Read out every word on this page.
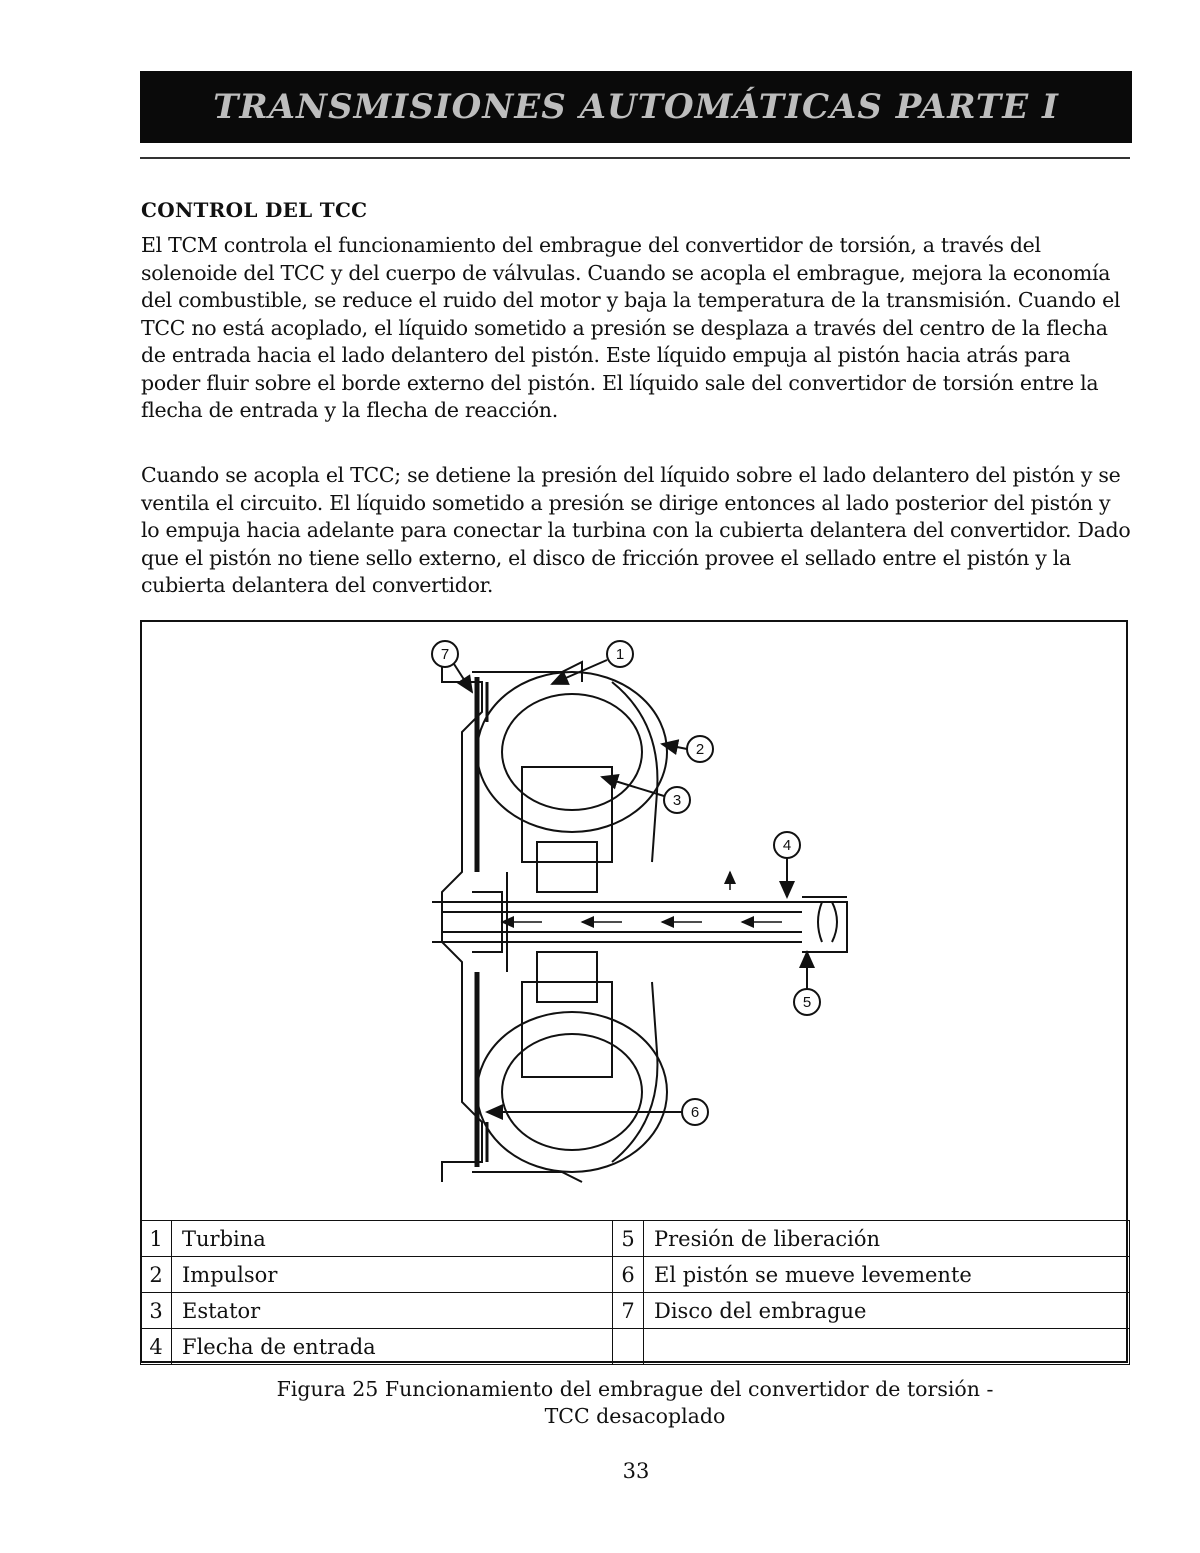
TRANSMISIONES AUTOMÁTICAS PARTE I
CONTROL DEL TCC

El TCM controla el funcionamiento del embrague del convertidor de torsión, a través del solenoide del TCC y del cuerpo de válvulas. Cuando se acopla el embrague, mejora la economía del combustible, se reduce el ruido del motor y baja la temperatura de la transmisión. Cuando el TCC no está acoplado, el líquido sometido a presión se desplaza a través del centro de la flecha de entrada hacia el lado delantero del pistón. Este líquido empuja al pistón hacia atrás para poder fluir sobre el borde externo del pistón. El líquido sale del convertidor de torsión entre la flecha de entrada y la flecha de reacción.

Cuando se acopla el TCC; se detiene la presión del líquido sobre el lado delantero del pistón y se ventila el circuito. El líquido sometido a presión se dirige entonces al lado posterior del pistón y lo empuja hacia adelante para conectar la turbina con la cubierta delantera del convertidor. Dado que el pistón no tiene sello externo, el disco de fricción provee el sellado entre el pistón y la cubierta delantera del convertidor.

7	1
2
3
4
5
6
1	Turbina	5	Presión de liberación
2	Impulsor	6	El pistón se mueve levemente
3	Estator	7	Disco del embrague
4	Flecha de entrada		
Figura 25 Funcionamiento del embrague del convertidor de torsión -
TCC desacoplado
33
